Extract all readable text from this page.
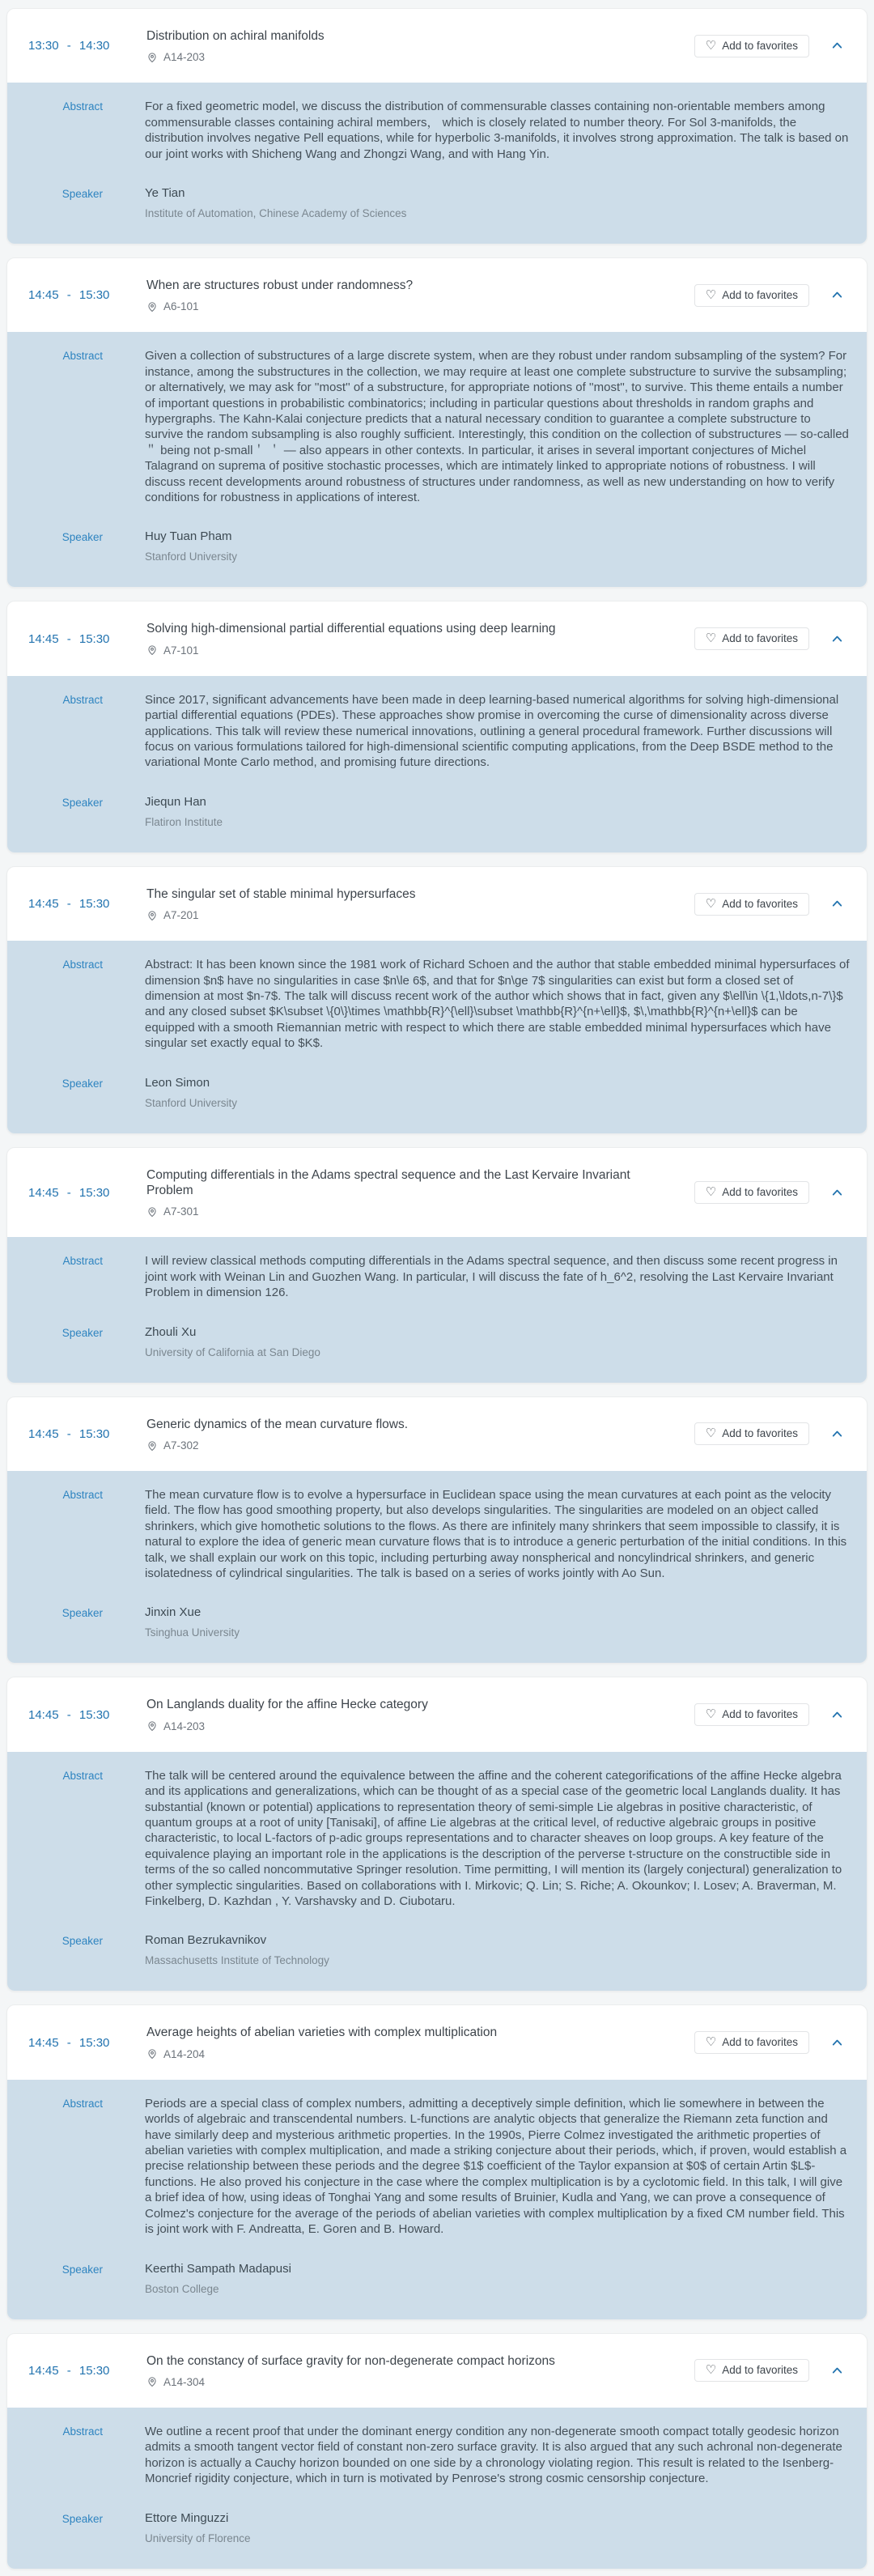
13:30 - 14:30
Distribution on achiral manifolds
A14-203
♡ Add to favorites
Abstract	For a fixed geometric model, we discuss the distribution of commensurable classes containing non-orientable members among commensurable classes containing achiral members， which is closely related to number theory. For Sol 3-manifolds, the distribution involves negative Pell equations, while for hyperbolic 3-manifolds, it involves strong approximation. The talk is based on our joint works with Shicheng Wang and Zhongzi Wang, and with Hang Yin.
Speaker	Ye Tian
Institute of Automation, Chinese Academy of Sciences
14:45 - 15:30
When are structures robust under randomness?
A6-101
♡ Add to favorites
Abstract	Given a collection of substructures of a large discrete system, when are they robust under random subsampling of the system? For instance, among the substructures in the collection, we may require at least one complete substructure to survive the subsampling; or alternatively, we may ask for ''most'' of a substructure, for appropriate notions of ''most'', to survive. This theme entails a number of important questions in probabilistic combinatorics; including in particular questions about thresholds in random graphs and hypergraphs. The Kahn-Kalai conjecture predicts that a natural necessary condition to guarantee a complete substructure to survive the random subsampling is also roughly sufficient. Interestingly, this condition on the collection of substructures — so-called ＂ being not p-small＇ ＇ — also appears in other contexts. In particular, it arises in several important conjectures of Michel Talagrand on suprema of positive stochastic processes, which are intimately linked to appropriate notions of robustness. I will discuss recent developments around robustness of structures under randomness, as well as new understanding on how to verify conditions for robustness in applications of interest.
Speaker	Huy Tuan Pham
Stanford University
14:45 - 15:30
Solving high-dimensional partial differential equations using deep learning
A7-101
♡ Add to favorites
Abstract	Since 2017, significant advancements have been made in deep learning-based numerical algorithms for solving high-dimensional partial differential equations (PDEs). These approaches show promise in overcoming the curse of dimensionality across diverse applications. This talk will review these numerical innovations, outlining a general procedural framework. Further discussions will focus on various formulations tailored for high-dimensional scientific computing applications, from the Deep BSDE method to the variational Monte Carlo method, and promising future directions.
Speaker	Jiequn Han
Flatiron Institute
14:45 - 15:30
The singular set of stable minimal hypersurfaces
A7-201
♡ Add to favorites
Abstract	Abstract: It has been known since the 1981 work of Richard Schoen and the author that stable embedded minimal hypersurfaces of dimension $n$ have no singularities in case $n\le 6$, and that for $n\ge 7$ singularities can exist but form a closed set of dimension at most $n-7$. The talk will discuss recent work of the author which shows that in fact, given any $\ell\in \{1,\ldots,n-7\}$ and any closed subset $K\subset \{0\}\times \mathbb{R}^{\ell}\subset \mathbb{R}^{n+\ell}$, $\,\mathbb{R}^{n+\ell}$ can be equipped with a smooth Riemannian metric with respect to which there are stable embedded minimal hypersurfaces which have singular set exactly equal to $K$.
Speaker	Leon Simon
Stanford University
14:45 - 15:30
Computing differentials in the Adams spectral sequence and the Last Kervaire Invariant Problem
A7-301
♡ Add to favorites
Abstract	I will review classical methods computing differentials in the Adams spectral sequence, and then discuss some recent progress in joint work with Weinan Lin and Guozhen Wang. In particular, I will discuss the fate of h_6^2, resolving the Last Kervaire Invariant Problem in dimension 126.
Speaker	Zhouli Xu
University of California at San Diego
14:45 - 15:30
Generic dynamics of the mean curvature flows.
A7-302
♡ Add to favorites
Abstract	The mean curvature flow is to evolve a hypersurface in Euclidean space using the mean curvatures at each point as the velocity field. The flow has good smoothing property, but also develops singularities. The singularities are modeled on an object called shrinkers, which give homothetic solutions to the flows. As there are infinitely many shrinkers that seem impossible to classify, it is natural to explore the idea of generic mean curvature flows that is to introduce a generic perturbation of the initial conditions. In this talk, we shall explain our work on this topic, including perturbing away nonspherical and noncylindrical shrinkers, and generic isolatedness of cylindrical singularities. The talk is based on a series of works jointly with Ao Sun.
Speaker	Jinxin Xue
Tsinghua University
14:45 - 15:30
On Langlands duality for the affine Hecke category
A14-203
♡ Add to favorites
Abstract	The talk will be centered around the equivalence between the affine and the coherent categorifications of the affine Hecke algebra and its applications and generalizations, which can be thought of as a special case of the geometric local Langlands duality. It has substantial (known or potential) applications to representation theory of semi-simple Lie algebras in positive characteristic, of quantum groups at a root of unity [Tanisaki], of affine Lie algebras at the critical level, of reductive algebraic groups in positive characteristic, to local L-factors of p-adic groups representations and to character sheaves on loop groups. A key feature of the equivalence playing an important role in the applications is the description of the perverse t-structure on the constructible side in terms of the so called noncommutative Springer resolution. Time permitting, I will mention its (largely conjectural) generalization to other symplectic singularities. Based on collaborations with I. Mirkovic; Q. Lin; S. Riche; A. Okounkov; I. Losev; A. Braverman, M. Finkelberg, D. Kazhdan , Y. Varshavsky and D. Ciubotaru.
Speaker	Roman Bezrukavnikov
Massachusetts Institute of Technology
14:45 - 15:30
Average heights of abelian varieties with complex multiplication
A14-204
♡ Add to favorites
Abstract	Periods are a special class of complex numbers, admitting a deceptively simple definition, which lie somewhere in between the worlds of algebraic and transcendental numbers. L-functions are analytic objects that generalize the Riemann zeta function and have similarly deep and mysterious arithmetic properties. In the 1990s, Pierre Colmez investigated the arithmetic properties of abelian varieties with complex multiplication, and made a striking conjecture about their periods, which, if proven, would establish a precise relationship between these periods and the degree $1$ coefficient of the Taylor expansion at $0$ of certain Artin $L$-functions. He also proved his conjecture in the case where the complex multiplication is by a cyclotomic field. In this talk, I will give a brief idea of how, using ideas of Tonghai Yang and some results of Bruinier, Kudla and Yang, we can prove a consequence of Colmez's conjecture for the average of the periods of abelian varieties with complex multiplication by a fixed CM number field. This is joint work with F. Andreatta, E. Goren and B. Howard.
Speaker	Keerthi Sampath Madapusi
Boston College
14:45 - 15:30
On the constancy of surface gravity for non-degenerate compact horizons
A14-304
♡ Add to favorites
Abstract	We outline a recent proof that under the dominant energy condition any non-degenerate smooth compact totally geodesic horizon admits a smooth tangent vector field of constant non-zero surface gravity. It is also argued that any such achronal non-degenerate horizon is actually a Cauchy horizon bounded on one side by a chronology violating region. This result is related to the Isenberg-Moncrief rigidity conjecture, which in turn is motivated by Penrose's strong cosmic censorship conjecture.
Speaker	Ettore Minguzzi
University of Florence
